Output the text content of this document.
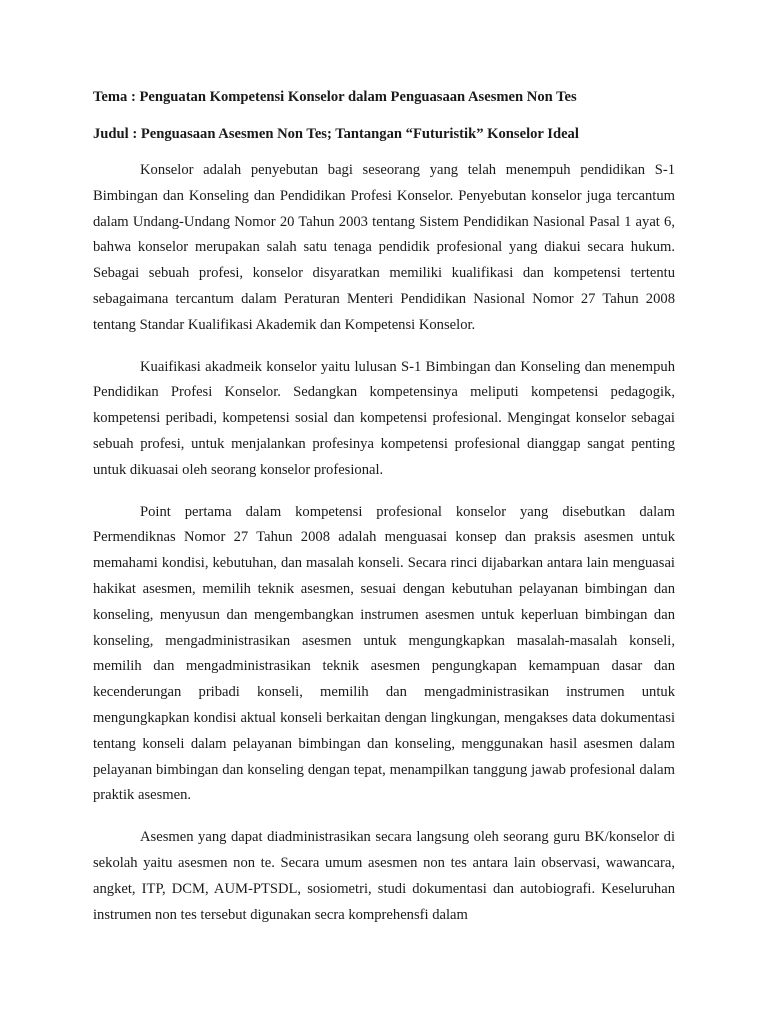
Tema : Penguatan Kompetensi Konselor dalam Penguasaan Asesmen Non Tes

Judul : Penguasaan Asesmen Non Tes; Tantangan “Futuristik” Konselor Ideal

Konselor adalah penyebutan bagi seseorang yang telah menempuh pendidikan S-1 Bimbingan dan Konseling dan Pendidikan Profesi Konselor. Penyebutan konselor juga tercantum dalam Undang-Undang Nomor 20 Tahun 2003 tentang Sistem Pendidikan Nasional Pasal 1 ayat 6, bahwa konselor merupakan salah satu tenaga pendidik profesional yang diakui secara hukum. Sebagai sebuah profesi, konselor disyaratkan memiliki kualifikasi dan kompetensi tertentu sebagaimana tercantum dalam Peraturan Menteri Pendidikan Nasional Nomor 27 Tahun 2008 tentang Standar Kualifikasi Akademik dan Kompetensi Konselor.

Kuaifikasi akadmeik konselor yaitu lulusan S-1 Bimbingan dan Konseling dan menempuh Pendidikan Profesi Konselor. Sedangkan kompetensinya meliputi kompetensi pedagogik, kompetensi peribadi, kompetensi sosial dan kompetensi profesional. Mengingat konselor sebagai sebuah profesi, untuk menjalankan profesinya kompetensi profesional dianggap sangat penting untuk dikuasai oleh seorang konselor profesional.

Point pertama dalam kompetensi profesional konselor yang disebutkan dalam Permendiknas Nomor 27 Tahun 2008 adalah menguasai konsep dan praksis asesmen untuk memahami kondisi, kebutuhan, dan masalah konseli. Secara rinci dijabarkan antara lain menguasai hakikat asesmen, memilih teknik asesmen, sesuai dengan kebutuhan pelayanan bimbingan dan konseling, menyusun dan mengembangkan instrumen asesmen untuk keperluan bimbingan dan konseling, mengadministrasikan asesmen untuk mengungkapkan masalah-masalah konseli, memilih dan mengadministrasikan teknik asesmen pengungkapan kemampuan dasar dan kecenderungan pribadi konseli, memilih dan mengadministrasikan instrumen untuk mengungkapkan kondisi aktual konseli berkaitan dengan lingkungan, mengakses data dokumentasi tentang konseli dalam pelayanan bimbingan dan konseling, menggunakan hasil asesmen dalam pelayanan bimbingan dan konseling dengan tepat, menampilkan tanggung jawab profesional dalam praktik asesmen.

Asesmen yang dapat diadministrasikan secara langsung oleh seorang guru BK/konselor di sekolah yaitu asesmen non te. Secara umum asesmen non tes antara lain observasi, wawancara, angket, ITP, DCM, AUM-PTSDL, sosiometri, studi dokumentasi dan autobiografi. Keseluruhan instrumen non tes tersebut digunakan secra komprehensfi dalam
